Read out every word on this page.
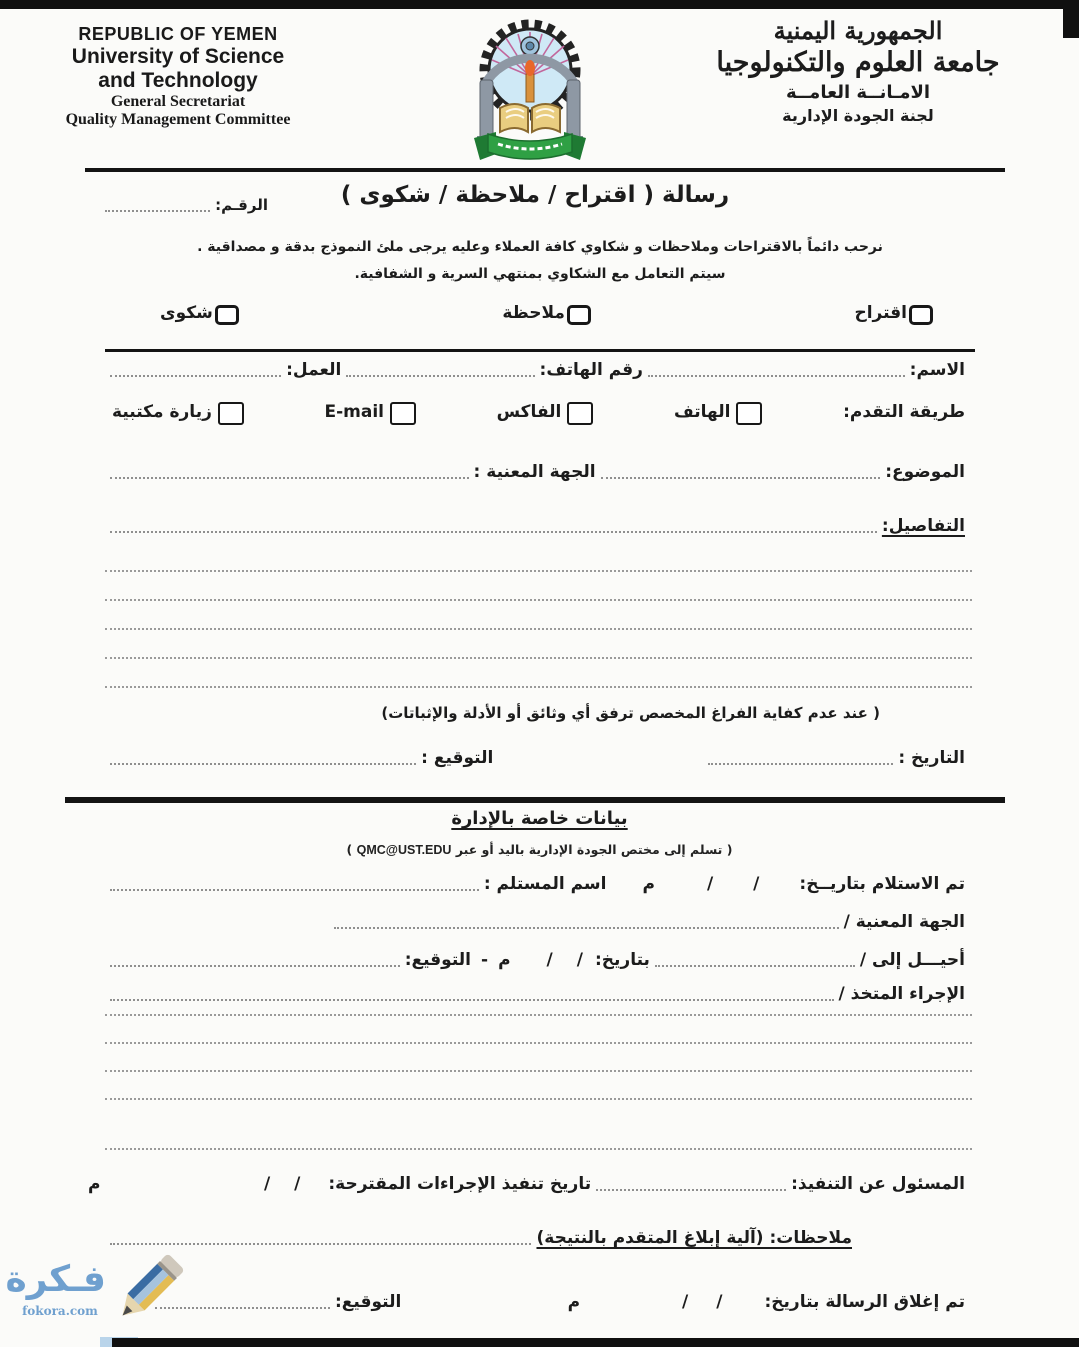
REPUBLIC OF YEMEN
University of Science
and Technology
General Secretariat
Quality Management Committee
الجمهورية اليمنية
جامعة العلوم والتكنولوجيا
الامـانــة العامــة
لجنة الجودة الإدارية
رسالة ( اقتراح / ملاحظة / شكوى )
الرقـم:
نرحب دائماً بالاقتراحات وملاحظات و شكاوي كافة العملاء وعليه يرجى ملئ النموذج بدقة و مصداقية .
سيتم التعامل مع الشكاوي بمنتهي السرية و الشفافية.
اقتراح
ملاحظة
شكوى
الاسم:
رقم الهاتف:
العمل:
طريقة التقدم:
الهاتف
الفاكس
E-mail
زيارة مكتبية
الموضوع:
الجهة المعنية :
التفاصيل:
( عند عدم كفاية الفراغ المخصص ترفق أي وثائق أو الأدلة والإثباتات)
التاريخ :
التوقيع :
بيانات خاصة بالإدارة
( تسلم إلى مختص الجودة الإدارية باليد أو عبر QMC@UST.EDU )
تم الاستلام بتاريــخ:
/
/
م
اسم المستلم :
الجهة المعنية /
أحيـــل إلى /
بتاريخ:
/
/
م
-
التوقيع:
الإجراء المتخذ /
المسئول عن التنفيذ:
تاريخ تنفيذ الإجراءات المقترحة:
/
/
م
ملاحظات: (آلية إبلاغ المتقدم بالنتيجة)
تم إغلاق الرسالة بتاريخ:
/
/
م
التوقيع:
فـكرة
fokora.com
